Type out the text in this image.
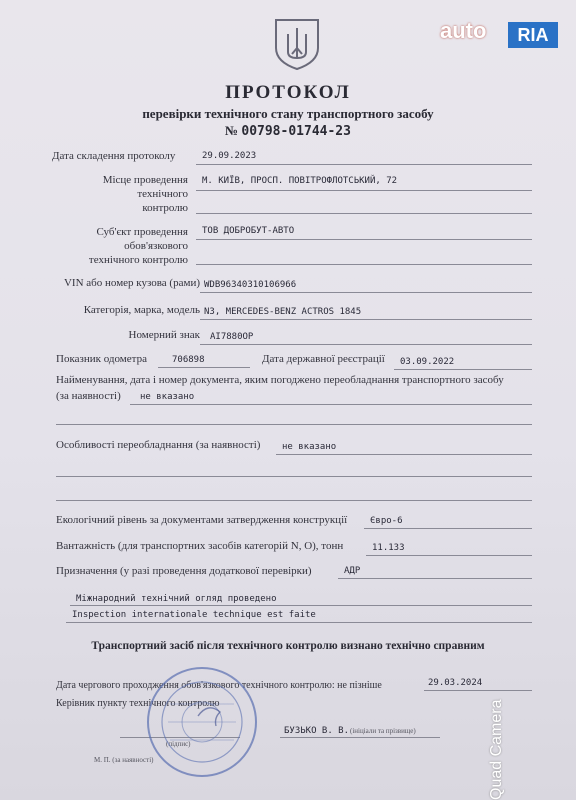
auto	RIA
ПРОТОКОЛ
перевірки технічного стану транспортного засобу
№ 00798-01744-23
Дата складення протоколу	29.09.2023
Місце проведення
технічного
контролю
М. КИЇВ, ПРОСП. ПОВІТРОФЛОТСЬКИЙ, 72
Суб'єкт проведення
обов'язкового
технічного контролю
ТОВ ДОБРОБУТ-АВТО
VIN або номер кузова (рами) WDB96340310106966
Категорія, марка, модель N3, MERCEDES-BENZ ACTROS 1845
Номерний знак AI7880OP
Показник одометра	706898	Дата державної реєстрації 03.09.2022
Найменування, дата і номер документа, яким погоджено переобладнання транспортного засобу
(за наявності) не вказано
Особливості переобладнання (за наявності) не вказано
Екологічний рівень за документами затвердження конструкції	Євро-6
Вантажність (для транспортних засобів категорій N, O), тонн	11.133
Призначення (у разі проведення додаткової перевірки)	АДР
Міжнародний технічний огляд проведено
Inspection internationale technique est faite
Транспортний засіб після технічного контролю визнано технічно справним
Дата чергового проходження обов'язкового технічного контролю: не пізніше	29.03.2024
Керівник пункту технічного контролю
БУЗЬКО В. В.
(підпис)
(ініціали та прізвище)
М. П. (за наявності)	Quad Camera
